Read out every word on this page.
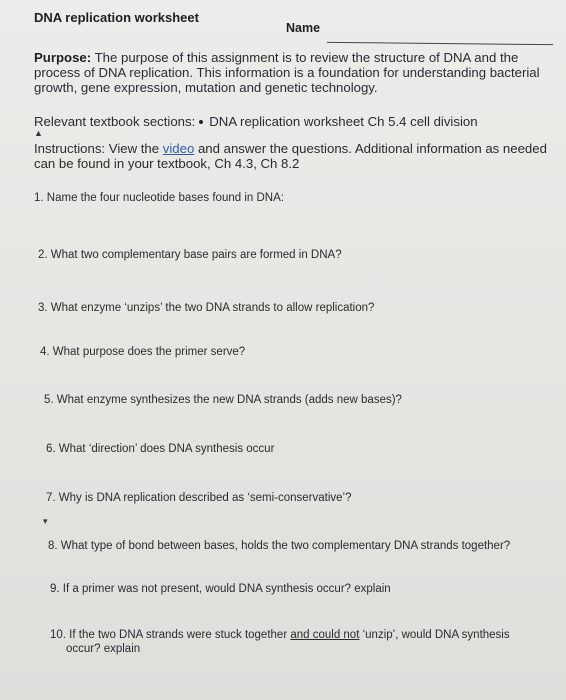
DNA replication worksheet
Name
Purpose: The purpose of this assignment is to review the structure of DNA and the process of DNA replication. This information is a foundation for understanding bacterial growth, gene expression, mutation and genetic technology.
Relevant textbook sections: DNA replication worksheet Ch 5.4 cell division
▲
Instructions: View the video and answer the questions. Additional information as needed can be found in your textbook, Ch 4.3, Ch 8.2
1. Name the four nucleotide bases found in DNA:
2. What two complementary base pairs are formed in DNA?
3. What enzyme ‘unzips’ the two DNA strands to allow replication?
4. What purpose does the primer serve?
5. What enzyme synthesizes the new DNA strands (adds new bases)?
6. What ‘direction’ does DNA synthesis occur
7. Why is DNA replication described as ‘semi-conservative’?
▾
8. What type of bond between bases, holds the two complementary DNA strands together?
9. If a primer was not present, would DNA synthesis occur? explain
10. If the two DNA strands were stuck together and could not ‘unzip’, would DNA synthesis
occur? explain
